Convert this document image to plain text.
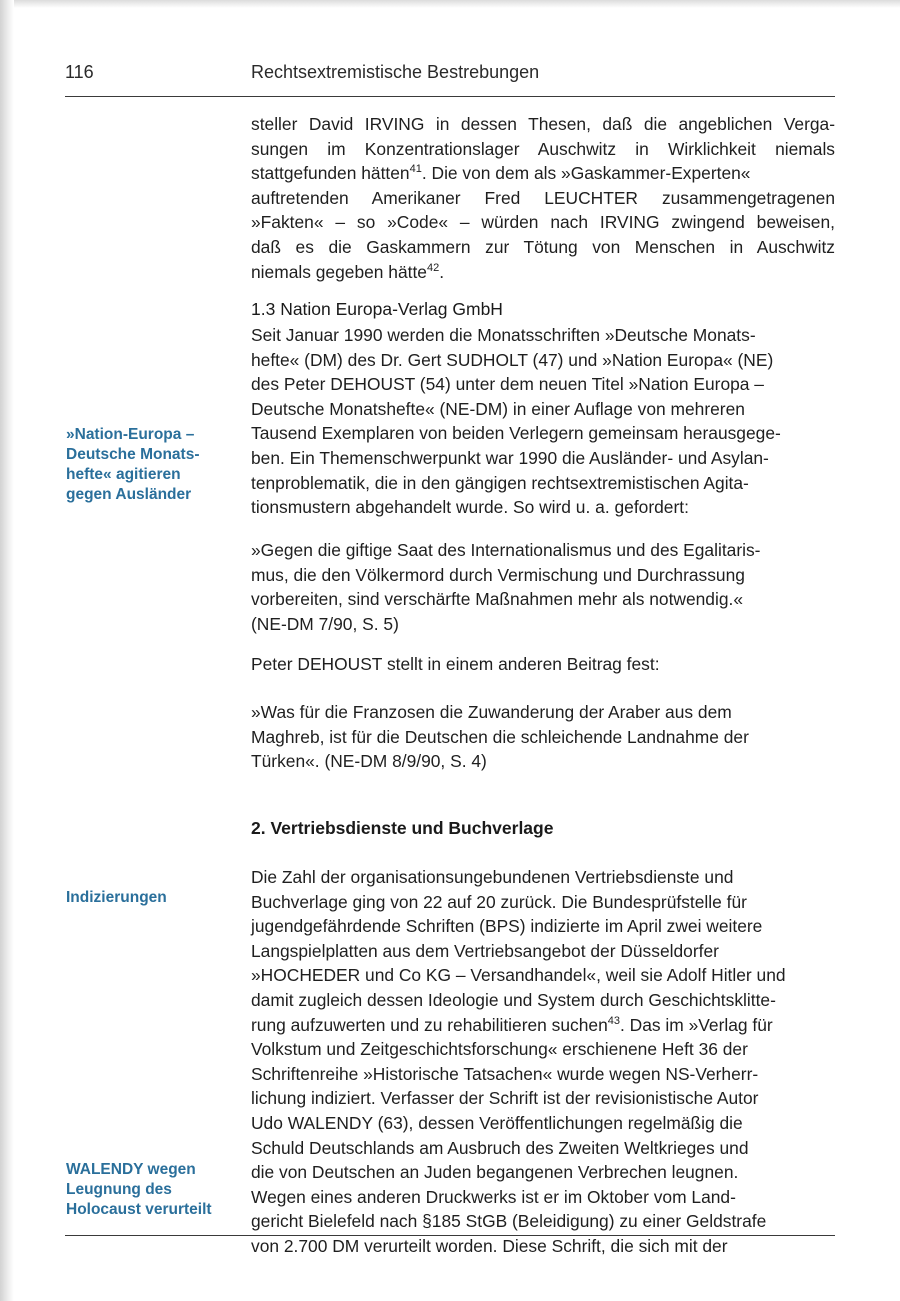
116	Rechtsextremistische Bestrebungen

steller David IRVING in dessen Thesen, daß die angeblichen Verga-
sungen im Konzentrationslager Auschwitz in Wirklichkeit niemals
stattgefunden hätten$^{41}$. Die von dem als »Gaskammer-Experten«
auftretenden Amerikaner Fred LEUCHTER zusammengetragenen
»Fakten« – so »Code« – würden nach IRVING zwingend beweisen,
daß es die Gaskammern zur Tötung von Menschen in Auschwitz
niemals gegeben hätte$^{42}$.

1.3 Nation Europa-Verlag GmbH

Seit Januar 1990 werden die Monatsschriften »Deutsche Monats-
hefte« (DM) des Dr. Gert SUDHOLT (47) und »Nation Europa« (NE)
des Peter DEHOUST (54) unter dem neuen Titel »Nation Europa –
Deutsche Monatshefte« (NE-DM) in einer Auflage von mehreren
Tausend Exemplaren von beiden Verlegern gemeinsam herausgege-
ben. Ein Themenschwerpunkt war 1990 die Ausländer- und Asylan-
tenproblematik, die in den gängigen rechtsextremistischen Agita-
tionsmustern abgehandelt wurde. So wird u. a. gefordert:

»Nation-Europa –
Deutsche Monats-
hefte« agitieren
gegen Ausländer

»Gegen die giftige Saat des Internationalismus und des Egalitaris-
mus, die den Völkermord durch Vermischung und Durchrassung
vorbereiten, sind verschärfte Maßnahmen mehr als notwendig.«
(NE-DM 7/90, S. 5)

Peter DEHOUST stellt in einem anderen Beitrag fest:

»Was für die Franzosen die Zuwanderung der Araber aus dem
Maghreb, ist für die Deutschen die schleichende Landnahme der
Türken«. (NE-DM 8/9/90, S. 4)

2. Vertriebsdienste und Buchverlage
Indizierungen

Die Zahl der organisationsungebundenen Vertriebsdienste und
Buchverlage ging von 22 auf 20 zurück. Die Bundesprüfstelle für
jugendgefährdende Schriften (BPS) indizierte im April zwei weitere
Langspielplatten aus dem Vertriebsangebot der Düsseldorfer
»HOCHEDER und Co KG – Versandhandel«, weil sie Adolf Hitler und
damit zugleich dessen Ideologie und System durch Geschichtsklitte-
rung aufzuwerten und zu rehabilitieren suchen$^{43}$. Das im »Verlag für
Volkstum und Zeitgeschichtsforschung« erschienene Heft 36 der
Schriftenreihe »Historische Tatsachen« wurde wegen NS-Verherr-
lichung indiziert. Verfasser der Schrift ist der revisionistische Autor
Udo WALENDY (63), dessen Veröffentlichungen regelmäßig die
Schuld Deutschlands am Ausbruch des Zweiten Weltkrieges und
die von Deutschen an Juden begangenen Verbrechen leugnen.
Wegen eines anderen Druckwerks ist er im Oktober vom Land-
gericht Bielefeld nach §185 StGB (Beleidigung) zu einer Geldstrafe
von 2.700 DM verurteilt worden. Diese Schrift, die sich mit der

WALENDY wegen
Leugnung des
Holocaust verurteilt
